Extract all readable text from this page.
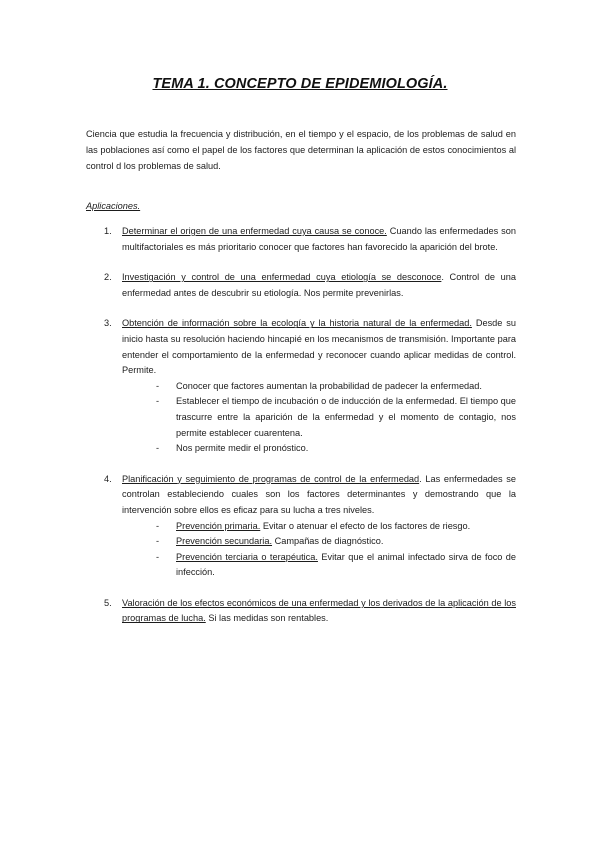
TEMA 1. CONCEPTO DE EPIDEMIOLOGÍA.
Ciencia que estudia la frecuencia y distribución, en el tiempo y el espacio, de los problemas de salud en las poblaciones así como el papel de los factores que determinan la aplicación de estos conocimientos al control d los problemas de salud.
Aplicaciones.
1. Determinar el origen de una enfermedad cuya causa se conoce. Cuando las enfermedades son multifactoriales es más prioritario conocer que factores han favorecido la aparición del brote.
2. Investigación y control de una enfermedad cuya etiología se desconoce. Control de una enfermedad antes de descubrir su etiología. Nos permite prevenirlas.
3. Obtención de información sobre la ecología y la historia natural de la enfermedad. Desde su inicio hasta su resolución haciendo hincapié en los mecanismos de transmisión. Importante para entender el comportamiento de la enfermedad y reconocer cuando aplicar medidas de control. Permite.
- Conocer que factores aumentan la probabilidad de padecer la enfermedad.
- Establecer el tiempo de incubación o de inducción de la enfermedad. El tiempo que trascurre entre la aparición de la enfermedad y el momento de contagio, nos permite establecer cuarentena.
- Nos permite medir el pronóstico.
4. Planificación y seguimiento de programas de control de la enfermedad. Las enfermedades se controlan estableciendo cuales son los factores determinantes y demostrando que la intervención sobre ellos es eficaz para su lucha a tres niveles.
- Prevención primaria. Evitar o atenuar el efecto de los factores de riesgo.
- Prevención secundaria. Campañas de diagnóstico.
- Prevención terciaria o terapéutica. Evitar que el animal infectado sirva de foco de infección.
5. Valoración de los efectos económicos de una enfermedad y los derivados de la aplicación de los programas de lucha. Si las medidas son rentables.
